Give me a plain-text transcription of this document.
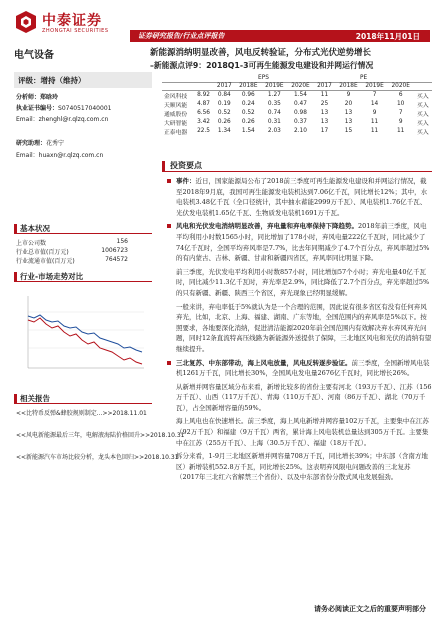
中泰证券
ZHONGTAI SECURITIES
证券研究报告/行业点评报告	2018年11月01日
电气设备	新能源消纳明显改善，风电反转验证，分布式光伏逆势增长
–新能源点评9：2018Q1-3可再生能源发电建设和并网运行情况
评级：增持（维持）
分析师：郑晗玲
执业证书编号：S0740517040001
Email：zhenghl@r.qlzq.com.cn
研究助理：花秀宁
Email：huaxn@r.qlzq.com.cn
基本状况
上市公司数	156
行业总市值(百万元)	1006723
行业流通市值(百万元)	764572
行业-市场走势对比
相关报告
<<比特币反弹&蜂胶规则制定...>>2018.11.01
<<风电新能源最后三年，电解液海陆价格回升>>2018.10.31
<<新能源汽车市场比较分析，龙头本色回归>>2018.10.31
		EPS				PE				
		2017	2018E	2019E	2020E	2017	2018E	2019E	2020E	
金风科技	8.92	0.84	0.96	1.27	1.54	11	9	7	6	买入
天顺风能	4.87	0.19	0.24	0.35	0.47	25	20	14	10	买入
通威股份	6.56	0.52	0.52	0.74	0.98	13	13	9	7	买入
大研智能	3.42	0.26	0.26	0.31	0.37	13	13	11	9	买入
正泰电器	22.5	1.34	1.54	2.03	2.10	17	15	11	11	买入
投资要点

事件：近日，国家能源局公布了2018前三季度可再生能源发电建设和并网运行情况，截至2018年9月底，我国可再生能源发电装机达到7.06亿千瓦，同比增长12%；其中，水电装机3.48亿千瓦（全口径统计，其中抽水蓄能2999万千瓦）、风电装机1.76亿千瓦、光伏发电装机1.65亿千瓦、生物质发电装机1691万千瓦。

风电和光伏发电消纳明显改善，弃电量和弃电率保持下降趋势。2018年前三季度，风电平均利用小时数1565小时，同比增加了178小时，弃风电量222亿千瓦时，同比减少了74亿千瓦时，全国平均弃风率是7.7%，比去年同期减少了4.7个百分点，弃风率超过5%的有内蒙古、吉林、新疆、甘肃和新疆四省区，弃风率同比明显下降。

前三季度，光伏发电平均利用小时数857小时，同比增加57个小时；弃光电量40亿千瓦时，同比减少11.3亿千瓦时，弃光率是2.9%，同比降低了2.7个百分点，弃光率超过5%的只有新疆、新疆、陕西三个省区，弃光现象已经明显缓解。

一般来讲，弃电率低于5%就认为是一个合理的范围，因此说有很多省区有没有任何弃风弃光，比如，北京、上海、福建、湖南、广东等地，全国范围内的弃风率是5%以下。按照要求，各地要深化消纳，促进清洁能源2020年前全国范围内有效解决弃水弃风弃光问题，同时12条直流特高压线路为新能源外送提供了保障，三北地区风电和光伏的消纳有望继续提升。

三北复苏、中东部带动，海上风电放量，风电反转逐步验证。前三季度，全国新增风电装机1261万千瓦，同比增长30%，全国风电发电量2676亿千瓦时，同比增长26%。

从新增并网容量区域分布来看，新增比较多的省份主要有河北（193万千瓦）、江苏（156万千瓦）、山西（117万千瓦）、青海（110万千瓦）、河南（86万千瓦）、湖北（70万千瓦），占全国新增容量的59%。

海上风电也在快速增长。前三季度，海上风电新增并网容量102万千瓦，主要集中在江苏（92万千瓦）和福建（9万千瓦）两省，累计海上风电装机总量达到305万千瓦。主要集中在江苏（255万千瓦）、上海（30.5万千瓦）、福建（18万千瓦）。

拆分来看，1-9月三北地区新增并网容量708万千瓦，同比增长39%；中东部（含南方地区）新增装机552.8万千瓦，同比增长25%。这表明弃风限电问题改善的三北复苏（2017年三北红六省解禁三个省份）、以及中东部省份分散式风电发展强劲。

请务必阅读正文之后的重要声明部分
